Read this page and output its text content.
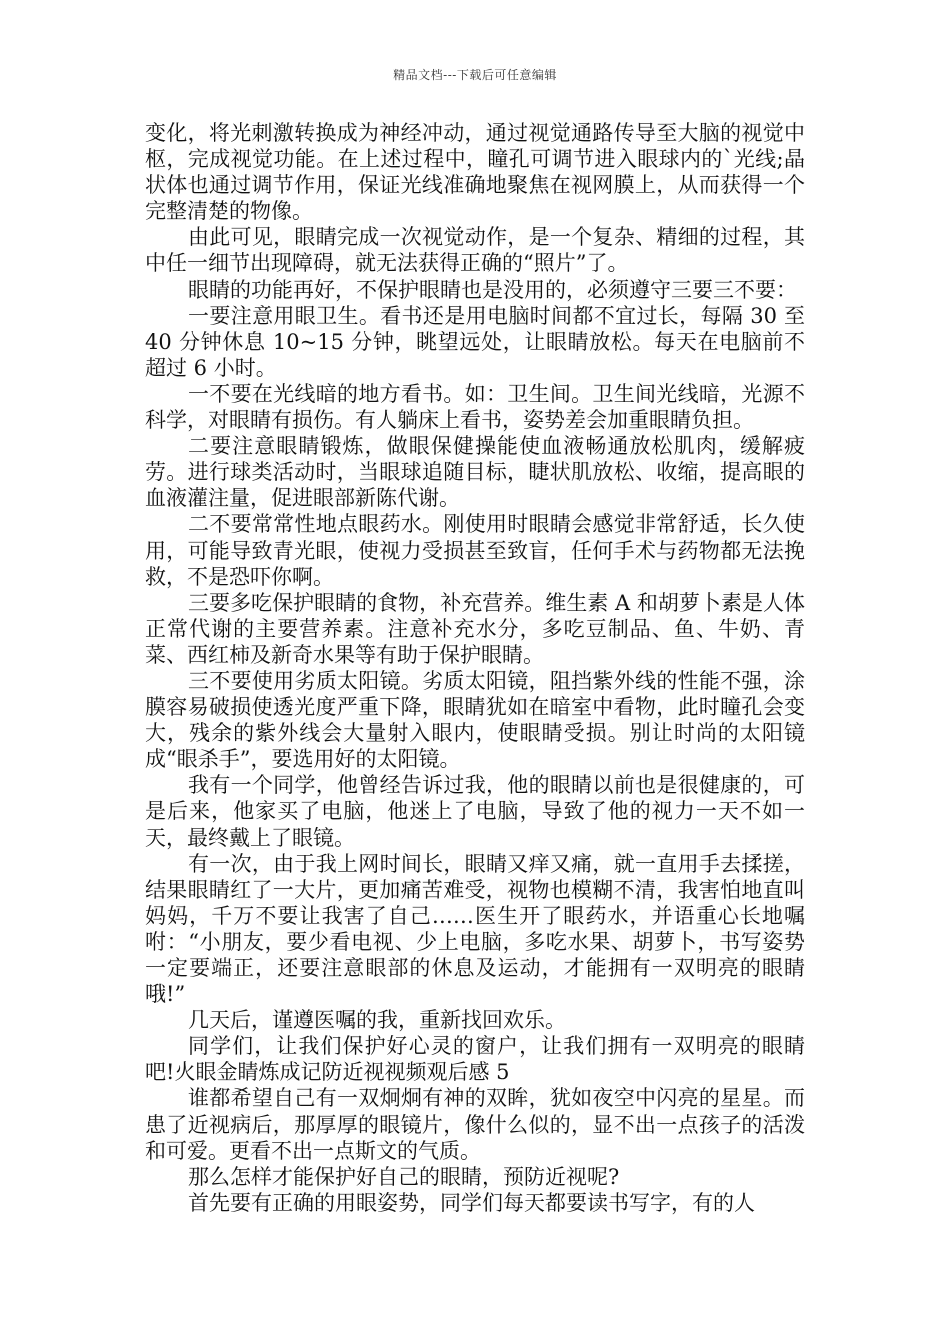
精品文档---下载后可任意编辑

变化，将光刺激转换成为神经冲动，通过视觉通路传导至大脑的视觉中枢，完成视觉功能。在上述过程中，瞳孔可调节进入眼球内的`光线;晶状体也通过调节作用，保证光线准确地聚焦在视网膜上，从而获得一个完整清楚的物像。

由此可见，眼睛完成一次视觉动作，是一个复杂、精细的过程，其中任一细节出现障碍，就无法获得正确的“照片”了。

眼睛的功能再好，不保护眼睛也是没用的，必须遵守三要三不要：

一要注意用眼卫生。看书还是用电脑时间都不宜过长，每隔 30 至 40 分钟休息 10~15 分钟，眺望远处，让眼睛放松。每天在电脑前不超过 6 小时。

一不要在光线暗的地方看书。如：卫生间。卫生间光线暗，光源不科学，对眼睛有损伤。有人躺床上看书，姿势差会加重眼睛负担。

二要注意眼睛锻炼，做眼保健操能使血液畅通放松肌肉，缓解疲劳。进行球类活动时，当眼球追随目标，睫状肌放松、收缩，提高眼的血液灌注量，促进眼部新陈代谢。

二不要常常性地点眼药水。刚使用时眼睛会感觉非常舒适，长久使用，可能导致青光眼，使视力受损甚至致盲，任何手术与药物都无法挽救，不是恐吓你啊。

三要多吃保护眼睛的食物，补充营养。维生素 A 和胡萝卜素是人体正常代谢的主要营养素。注意补充水分，多吃豆制品、鱼、牛奶、青菜、西红柿及新奇水果等有助于保护眼睛。

三不要使用劣质太阳镜。劣质太阳镜，阻挡紫外线的性能不强，涂膜容易破损使透光度严重下降，眼睛犹如在暗室中看物，此时瞳孔会变大，残余的紫外线会大量射入眼内，使眼睛受损。别让时尚的太阳镜成“眼杀手”，要选用好的太阳镜。

我有一个同学，他曾经告诉过我，他的眼睛以前也是很健康的，可是后来，他家买了电脑，他迷上了电脑，导致了他的视力一天不如一天，最终戴上了眼镜。

有一次，由于我上网时间长，眼睛又痒又痛，就一直用手去揉搓，结果眼睛红了一大片，更加痛苦难受，视物也模糊不清，我害怕地直叫妈妈，千万不要让我害了自己……医生开了眼药水，并语重心长地嘱咐：“小朋友，要少看电视、少上电脑，多吃水果、胡萝卜，书写姿势一定要端正，还要注意眼部的休息及运动，才能拥有一双明亮的眼睛哦!”

几天后，谨遵医嘱的我，重新找回欢乐。

同学们，让我们保护好心灵的窗户，让我们拥有一双明亮的眼睛吧!火眼金睛炼成记防近视视频观后感 5

谁都希望自己有一双炯炯有神的双眸，犹如夜空中闪亮的星星。而患了近视病后，那厚厚的眼镜片，像什么似的，显不出一点孩子的活泼和可爱。更看不出一点斯文的气质。

那么怎样才能保护好自己的眼睛，预防近视呢?

首先要有正确的用眼姿势，同学们每天都要读书写字，有的人
